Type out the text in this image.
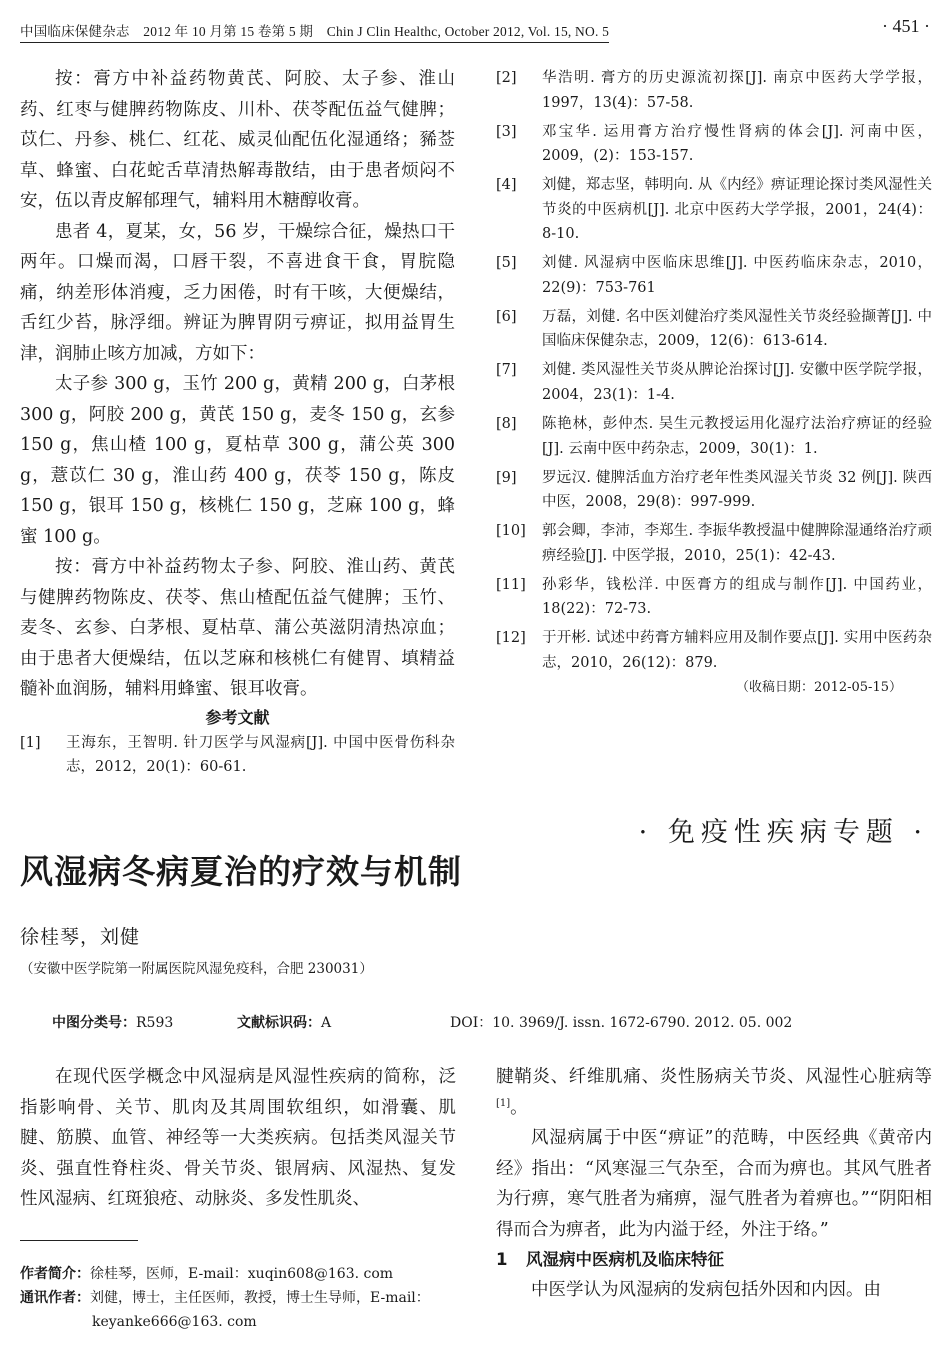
中国临床保健杂志　2012 年 10 月第 15 卷第 5 期　Chin J Clin Healthc, October 2012, Vol. 15, NO. 5	· 451 ·

按：膏方中补益药物黄芪、阿胶、太子参、淮山药、红枣与健脾药物陈皮、川朴、茯苓配伍益气健脾；苡仁、丹参、桃仁、红花、威灵仙配伍化湿通络；豨莶草、蜂蜜、白花蛇舌草清热解毒散结，由于患者烦闷不安，伍以青皮解郁理气，辅料用木糖醇收膏。

患者 4，夏某，女，56 岁，干燥综合征，燥热口干两年。口燥而渴，口唇干裂，不喜进食干食，胃脘隐痛，纳差形体消瘦，乏力困倦，时有干咳，大便燥结，舌红少苔，脉浮细。辨证为脾胃阴亏痹证，拟用益胃生津，润肺止咳方加减，方如下：

太子参 300 g，玉竹 200 g，黄精 200 g，白茅根 300 g，阿胶 200 g，黄芪 150 g，麦冬 150 g，玄参 150 g，焦山楂 100 g，夏枯草 300 g，蒲公英 300 g，薏苡仁 30 g，淮山药 400 g，茯苓 150 g，陈皮 150 g，银耳 150 g，核桃仁 150 g，芝麻 100 g，蜂蜜 100 g。

按：膏方中补益药物太子参、阿胶、淮山药、黄芪与健脾药物陈皮、茯苓、焦山楂配伍益气健脾；玉竹、麦冬、玄参、白茅根、夏枯草、蒲公英滋阴清热凉血；由于患者大便燥结，伍以芝麻和核桃仁有健胃、填精益髓补血润肠，辅料用蜂蜜、银耳收膏。

参考文献
[1] 王海东，王智明. 针刀医学与风湿病[J]. 中国中医骨伤科杂志，2012，20(1)：60-61.
[2] 华浩明. 膏方的历史源流初探[J]. 南京中医药大学学报，1997，13(4)：57-58.
[3] 邓宝华. 运用膏方治疗慢性肾病的体会[J]. 河南中医，2009，(2)：153-157.
[4] 刘健，郑志坚，韩明向. 从《内经》痹证理论探讨类风湿性关节炎的中医病机[J]. 北京中医药大学学报，2001，24(4)：8-10.
[5] 刘健. 风湿病中医临床思维[J]. 中医药临床杂志，2010，22(9)：753-761
[6] 万磊，刘健. 名中医刘健治疗类风湿性关节炎经验撷菁[J]. 中国临床保健杂志，2009，12(6)：613-614.
[7] 刘健. 类风湿性关节炎从脾论治探讨[J]. 安徽中医学院学报，2004，23(1)：1-4.
[8] 陈艳林，彭仲杰. 吴生元教授运用化湿疗法治疗痹证的经验[J]. 云南中医中药杂志，2009，30(1)：1.
[9] 罗远汉. 健脾活血方治疗老年性类风湿关节炎 32 例[J]. 陕西中医，2008，29(8)：997-999.
[10] 郭会卿，李沛，李郑生. 李振华教授温中健脾除湿通络治疗顽痹经验[J]. 中医学报，2010，25(1)：42-43.
[11] 孙彩华，钱松洋. 中医膏方的组成与制作[J]. 中国药业，18(22)：72-73.
[12] 于开彬. 试述中药膏方辅料应用及制作要点[J]. 实用中医药杂志，2010，26(12)：879.
（收稿日期：2012-05-15）
· 免疫性疾病专题 ·
风湿病冬病夏治的疗效与机制
徐桂琴，刘健
（安徽中医学院第一附属医院风湿免疫科，合肥 230031）
中图分类号：R593	文献标识码：A	DOI：10. 3969/J. issn. 1672-6790. 2012. 05. 002

在现代医学概念中风湿病是风湿性疾病的简称，泛指影响骨、关节、肌肉及其周围软组织，如滑囊、肌腱、筋膜、血管、神经等一大类疾病。包括类风湿关节炎、强直性脊柱炎、骨关节炎、银屑病、风湿热、复发性风湿病、红斑狼疮、动脉炎、多发性肌炎、

腱鞘炎、纤维肌痛、炎性肠病关节炎、风湿性心脏病等[1]。

风湿病属于中医“痹证”的范畴，中医经典《黄帝内经》指出：“风寒湿三气杂至，合而为痹也。其风气胜者为行痹，寒气胜者为痛痹，湿气胜者为着痹也。”“阴阳相得而合为痹者，此为内溢于经，外注于络。”

1 风湿病中医病机及临床特征

中医学认为风湿病的发病包括外因和内因。由

作者简介：徐桂琴，医师，E-mail：xuqin608@163. com
通讯作者：刘健，博士，主任医师，教授，博士生导师，E-mail：
keyanke666@163. com
